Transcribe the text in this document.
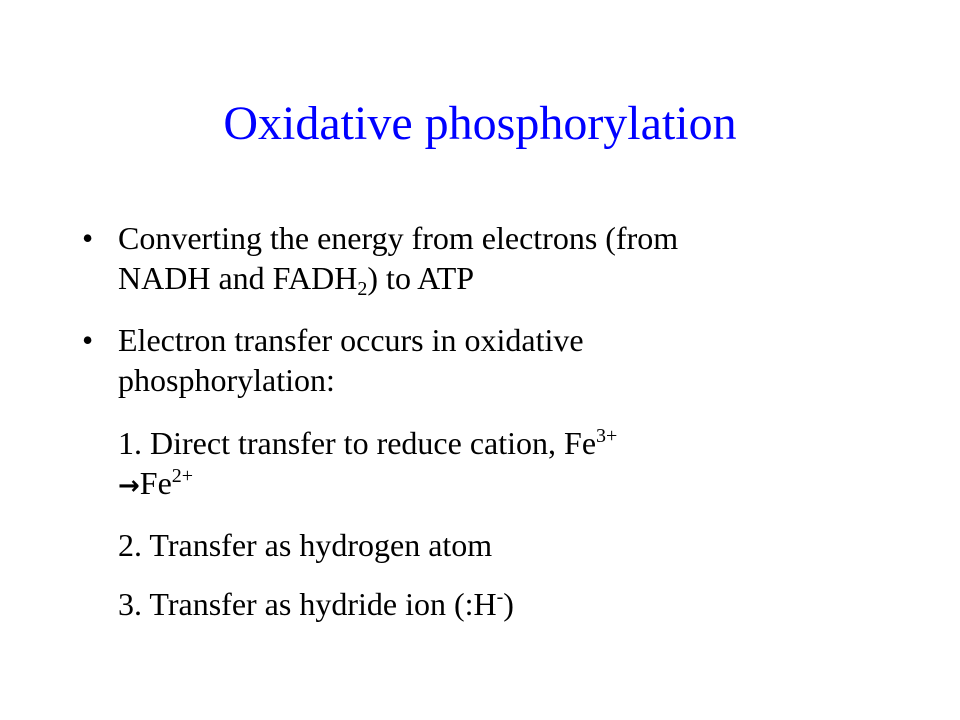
Oxidative phosphorylation
• Converting the energy from electrons (from
NADH and $FADH_2$) to ATP
• Electron transfer occurs in oxidative
phosphorylation:
1. Direct transfer to reduce cation, $Fe^{3+}$
$\to Fe^{2+}$
2. Transfer as hydrogen atom
3. Transfer as hydride ion (:H-)
